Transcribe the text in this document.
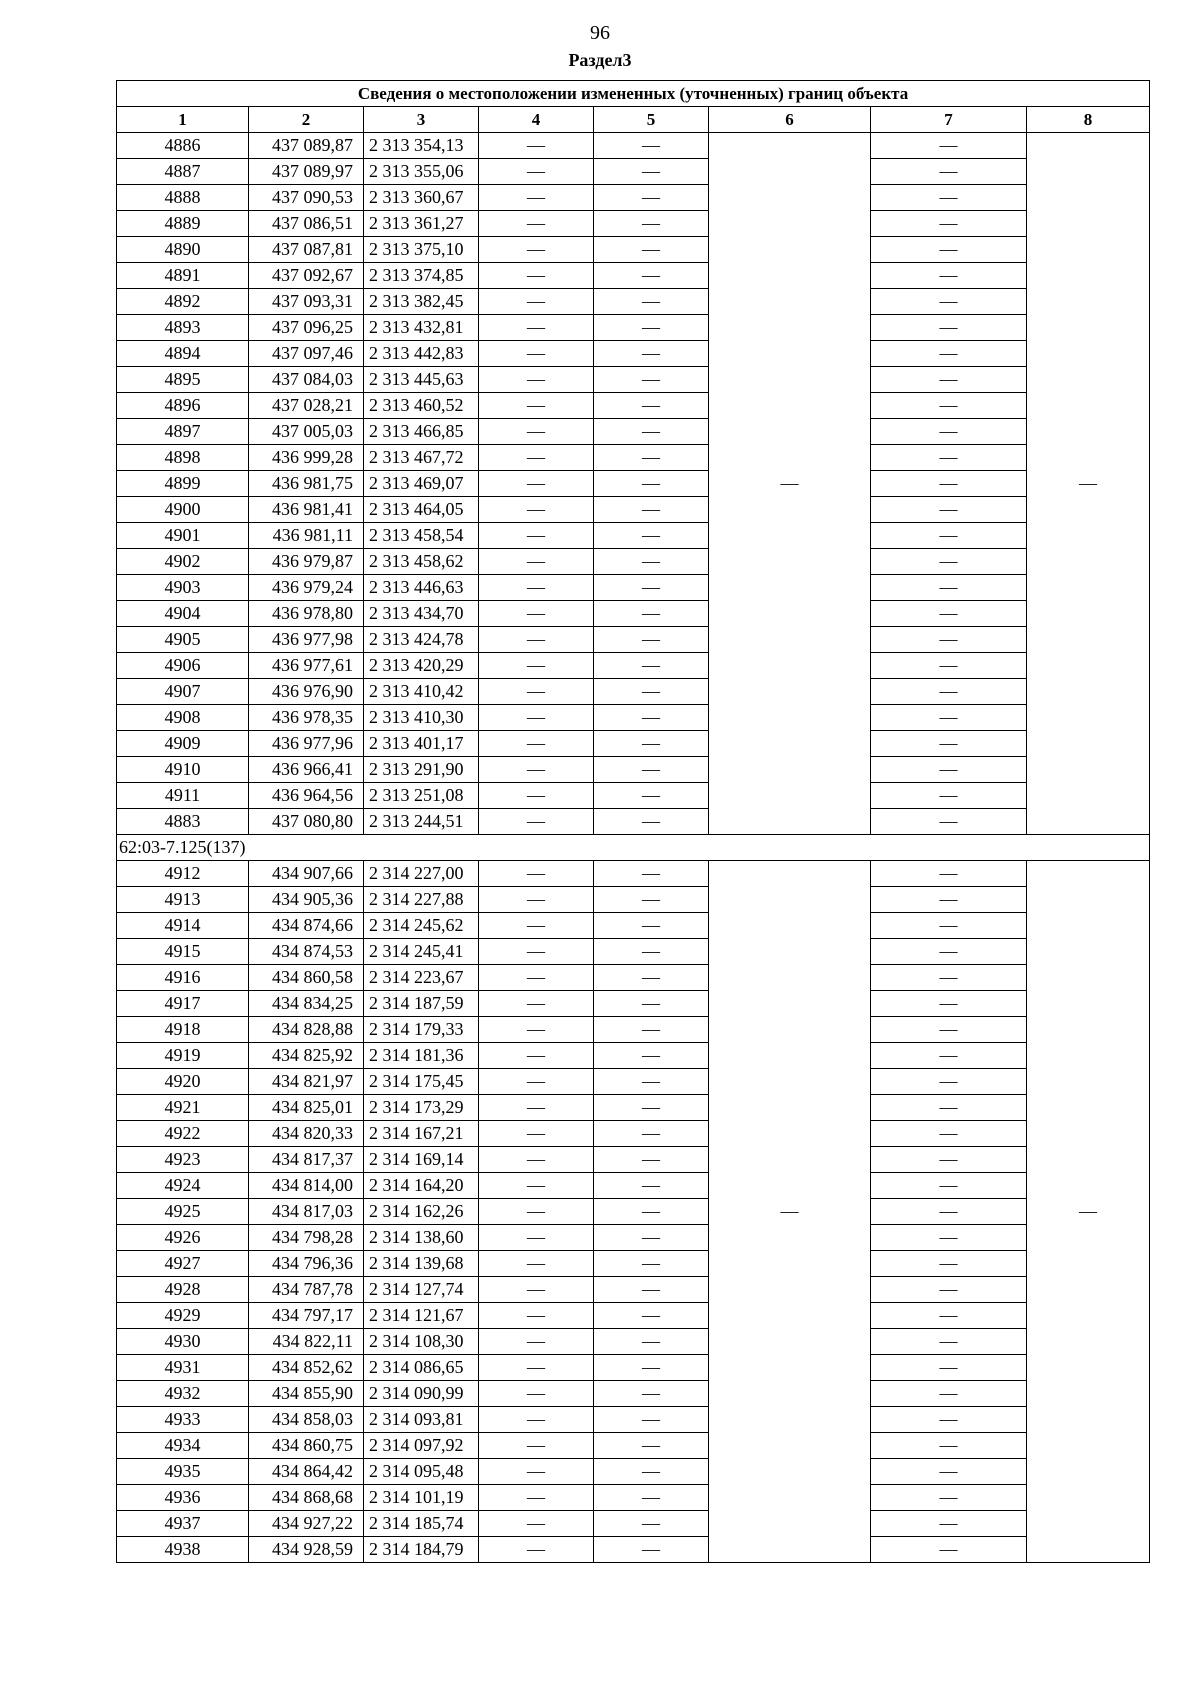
96
Раздел3
Сведения о местоположении измененных (уточненных) границ объекта							
1	2	3	4	5	6	7	8
4886	437 089,87	2 313 354,13	—	—	—	—	—
4887	437 089,97	2 313 355,06	—	—		—	
4888	437 090,53	2 313 360,67	—	—		—	
4889	437 086,51	2 313 361,27	—	—		—	
4890	437 087,81	2 313 375,10	—	—		—	
4891	437 092,67	2 313 374,85	—	—		—	
4892	437 093,31	2 313 382,45	—	—		—	
4893	437 096,25	2 313 432,81	—	—		—	
4894	437 097,46	2 313 442,83	—	—		—	
4895	437 084,03	2 313 445,63	—	—		—	
4896	437 028,21	2 313 460,52	—	—		—	
4897	437 005,03	2 313 466,85	—	—		—	
4898	436 999,28	2 313 467,72	—	—		—	
4899	436 981,75	2 313 469,07	—	—		—	
4900	436 981,41	2 313 464,05	—	—		—	
4901	436 981,11	2 313 458,54	—	—		—	
4902	436 979,87	2 313 458,62	—	—		—	
4903	436 979,24	2 313 446,63	—	—		—	
4904	436 978,80	2 313 434,70	—	—		—	
4905	436 977,98	2 313 424,78	—	—		—	
4906	436 977,61	2 313 420,29	—	—		—	
4907	436 976,90	2 313 410,42	—	—		—	
4908	436 978,35	2 313 410,30	—	—		—	
4909	436 977,96	2 313 401,17	—	—		—	
4910	436 966,41	2 313 291,90	—	—		—	
4911	436 964,56	2 313 251,08	—	—		—	
4883	437 080,80	2 313 244,51	—	—		—	
62:03-7.125(137)							
4912	434 907,66	2 314 227,00	—	—	—	—	—
4913	434 905,36	2 314 227,88	—	—		—	
4914	434 874,66	2 314 245,62	—	—		—	
4915	434 874,53	2 314 245,41	—	—		—	
4916	434 860,58	2 314 223,67	—	—		—	
4917	434 834,25	2 314 187,59	—	—		—	
4918	434 828,88	2 314 179,33	—	—		—	
4919	434 825,92	2 314 181,36	—	—		—	
4920	434 821,97	2 314 175,45	—	—		—	
4921	434 825,01	2 314 173,29	—	—		—	
4922	434 820,33	2 314 167,21	—	—		—	
4923	434 817,37	2 314 169,14	—	—		—	
4924	434 814,00	2 314 164,20	—	—		—	
4925	434 817,03	2 314 162,26	—	—		—	
4926	434 798,28	2 314 138,60	—	—		—	
4927	434 796,36	2 314 139,68	—	—		—	
4928	434 787,78	2 314 127,74	—	—		—	
4929	434 797,17	2 314 121,67	—	—		—	
4930	434 822,11	2 314 108,30	—	—		—	
4931	434 852,62	2 314 086,65	—	—		—	
4932	434 855,90	2 314 090,99	—	—		—	
4933	434 858,03	2 314 093,81	—	—		—	
4934	434 860,75	2 314 097,92	—	—		—	
4935	434 864,42	2 314 095,48	—	—		—	
4936	434 868,68	2 314 101,19	—	—		—	
4937	434 927,22	2 314 185,74	—	—		—	
4938	434 928,59	2 314 184,79	—	—		—	
